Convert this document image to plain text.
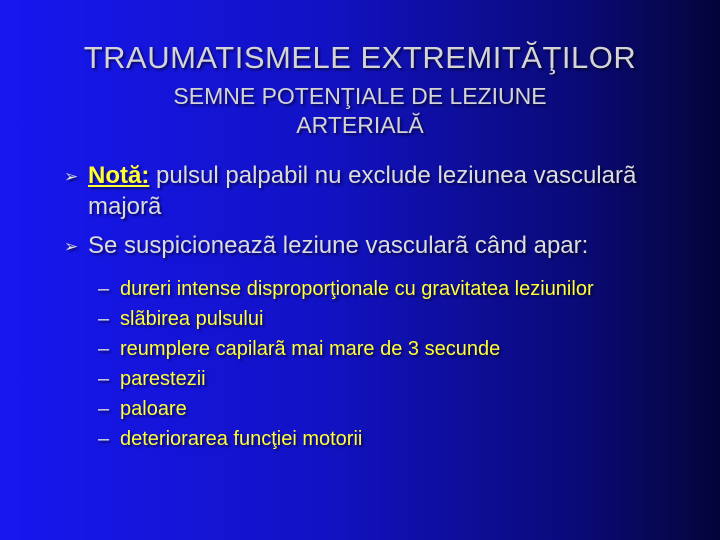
TRAUMATISMELE EXTREMITĂŢILOR
SEMNE POTENŢIALE DE LEZIUNE
ARTERIALĂ
➢ Notă: pulsul palpabil nu exclude leziunea vascularã majorã
➢ Se suspicioneazã leziune vascularã când apar:
– dureri intense disproporţionale cu gravitatea leziunilor
– slãbirea pulsului
– reumplere capilarã mai mare de 3 secunde
– parestezii
– paloare
– deteriorarea funcţiei motorii
